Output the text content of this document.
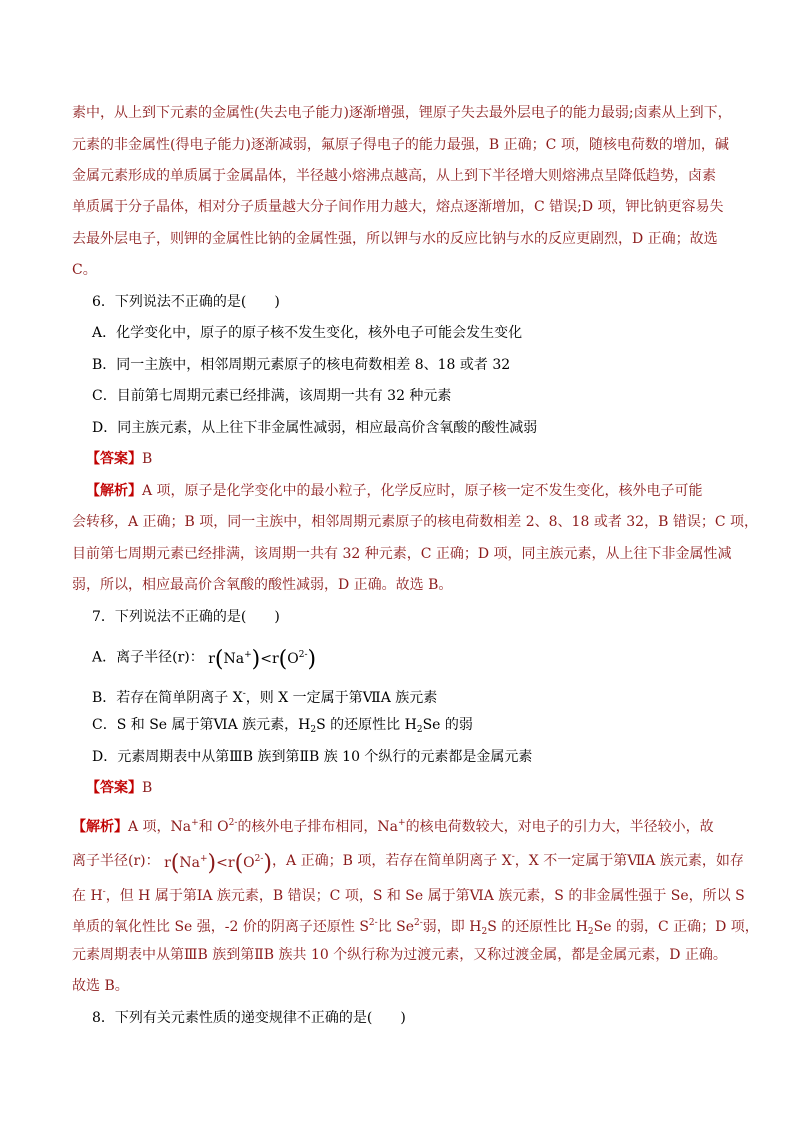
素中，从上到下元素的金属性(失去电子能力)逐渐增强，锂原子失去最外层电子的能力最弱;卤素从上到下，
元素的非金属性(得电子能力)逐渐减弱，氟原子得电子的能力最强，B 正确；C 项，随核电荷数的增加，碱
金属元素形成的单质属于金属晶体，半径越小熔沸点越高，从上到下半径增大则熔沸点呈降低趋势，卤素
单质属于分子晶体，相对分子质量越大分子间作用力越大，熔点逐渐增加，C 错误;D 项，钾比钠更容易失
去最外层电子，则钾的金属性比钠的金属性强，所以钾与水的反应比钠与水的反应更剧烈，D 正确；故选
C。
6．下列说法不正确的是(　　)
A．化学变化中，原子的原子核不发生变化，核外电子可能会发生变化
B．同一主族中，相邻周期元素原子的核电荷数相差 8、18 或者 32
C．目前第七周期元素已经排满，该周期一共有 32 种元素
D．同主族元素，从上往下非金属性减弱，相应最高价含氧酸的酸性减弱
【答案】B
【解析】A 项，原子是化学变化中的最小粒子，化学反应时，原子核一定不发生变化，核外电子可能
会转移，A 正确；B 项，同一主族中，相邻周期元素原子的核电荷数相差 2、8、18 或者 32，B 错误；C 项，
目前第七周期元素已经排满，该周期一共有 32 种元素，C 正确；D 项，同主族元素，从上往下非金属性减
弱，所以，相应最高价含氧酸的酸性减弱，D 正确。故选 B。
7．下列说法不正确的是(　　)
A．离子半径(r)： $r(Na^+)<r(O^{2-})$
B．若存在简单阴离子 X-，则 X 一定属于第ⅦA 族元素
C．S 和 Se 属于第ⅥA 族元素，$H_2S$ 的还原性比 $H_2Se$ 的弱
D．元素周期表中从第ⅢB 族到第ⅡB 族 10 个纵行的元素都是金属元素
【答案】B
【解析】A 项，Na+和 $O^{2-}$的核外电子排布相同，Na+的核电荷数较大，对电子的引力大，半径较小，故
离子半径(r)： $r(Na^+)<r(O^{2-})$，A 正确；B 项，若存在简单阴离子 X-，X 不一定属于第ⅦA 族元素，如存
在 H-，但 H 属于第ⅠA 族元素，B 错误；C 项，S 和 Se 属于第ⅥA 族元素，S 的非金属性强于 Se，所以 S
单质的氧化性比 Se 强，-2 价的阴离子还原性 $S^{2-}$比 $Se^{2-}$弱，即 $H_2S$ 的还原性比 $H_2Se$ 的弱，C 正确；D 项，
元素周期表中从第ⅢB 族到第ⅡB 族共 10 个纵行称为过渡元素，又称过渡金属，都是金属元素，D 正确。
故选 B。
8．下列有关元素性质的递变规律不正确的是(　　)
